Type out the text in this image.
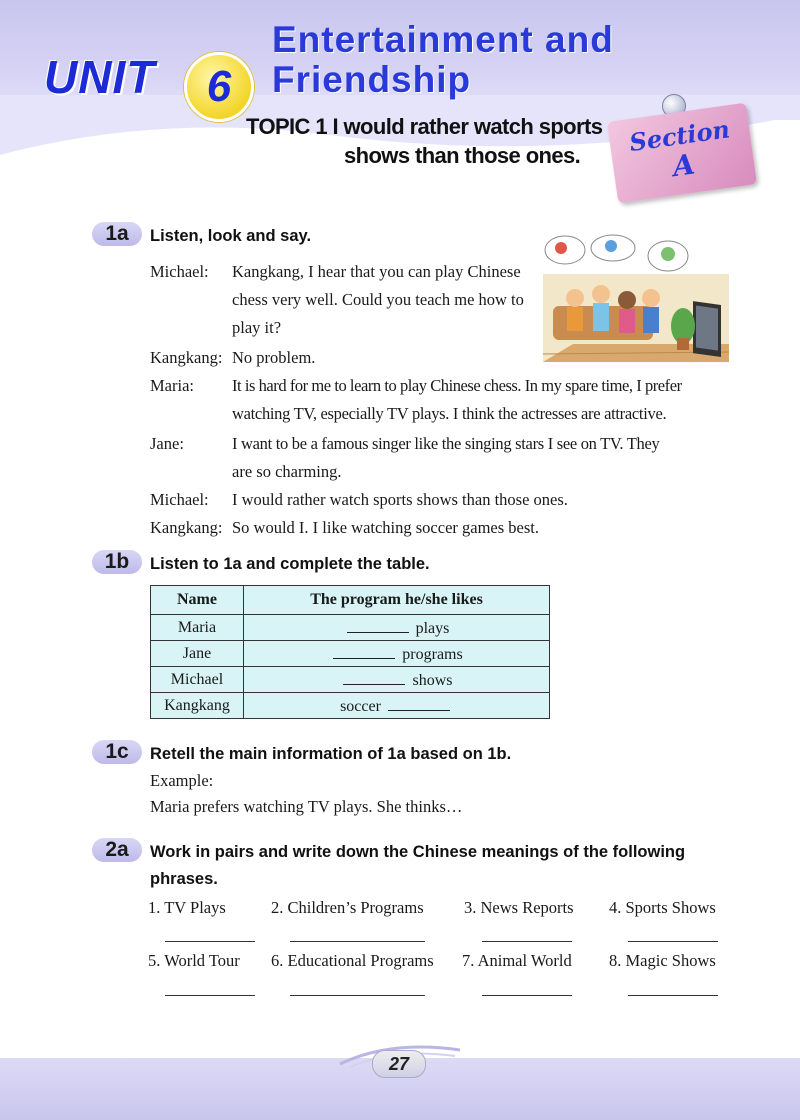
UNIT 6
Entertainment and
Friendship
TOPIC 1 I would rather watch sports
shows than those ones.	Section
A
1a	Listen, look and say.
Michael: Kangkang, I hear that you can play Chinese
chess very well. Could you teach me how to
play it?
Kangkang: No problem.
Maria: It is hard for me to learn to play Chinese chess. In my spare time, I prefer
watching TV, especially TV plays. I think the actresses are attractive.
Jane:	I want to be a famous singer like the singing stars I see on TV. They
are so charming.
Michael: I would rather watch sports shows than those ones.
Kangkang: So would I. I like watching soccer games best.
1b	Listen to 1a and complete the table.
Name	The program he/she likes
Maria	plays
Jane	programs
Michael	shows
Kangkang	soccer
1c	Retell the main information of 1a based on 1b.
Example:
Maria prefers watching TV plays. She thinks…
2a	Work in pairs and write down the Chinese meanings of the following
phrases.
1. TV Plays	2. Children’s Programs 3. News Reports 4. Sports Shows
5. World Tour 6. Educational Programs 7. Animal World 8. Magic Shows
27
